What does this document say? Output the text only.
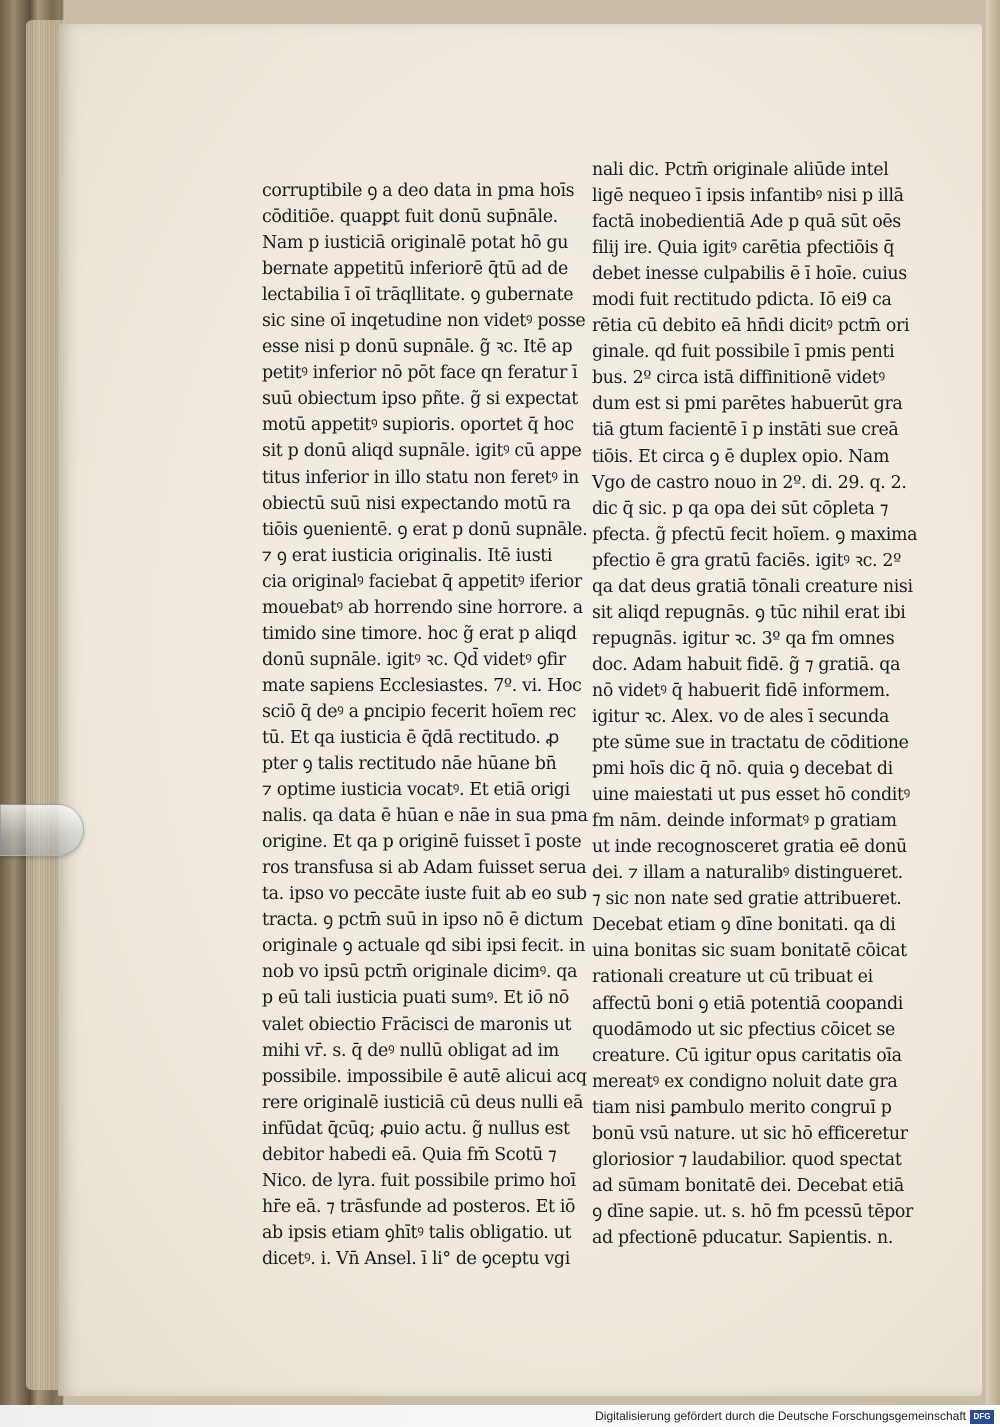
corruptibile ꝯ a deo data in pma hoīs
cōditiōe. quapꝑt fuit donū sup̄nāle.
Nam p iusticiā originalē potat hō gu
bernate appetitū inferiorē q̄tū ad de
lectabilia ī oī trāqllitate. ꝯ gubernate
sic sine oī inqetudine non videtꝰ posse
esse nisi p donū supnāle. g̃ ꝛc. Itē ap
petitꝰ inferior nō pōt face qn feratur ī
suū obiectum ipso pñte. g̃ si expectat
motū appetitꝰ supioris. oportet q̄ hoc
sit p donū aliqd supnāle. igitꝰ cū appe
titus inferior in illo statu non feretꝰ in
obiectū suū nisi expectando motū ra
tiōis ꝯuenientē. ꝯ erat p donū supnāle.
⁊ ꝯ erat iusticia originalis. Itē iusti
cia originalꝰ faciebat q̄ appetitꝰ iferior
mouebatꝰ ab horrendo sine horrore. a
timido sine timore. hoc g̃ erat p aliqd
donū supnāle. igitꝰ ꝛc. Qd̄ videtꝰ ꝯfir
mate sapiens Ecclesiastes. 7º. vi. Hoc
sciō q̄ deꝰ a ꝑncipio fecerit hoīem rec
tū. Et qa iusticia ē q̄dā rectitudo. ꝓ
pter ꝯ talis rectitudo nāe hūane bn̄
⁊ optime iusticia vocatꝰ. Et etiā origi
nalis. qa data ē hūan e nāe in sua pma
origine. Et qa p originē fuisset ī poste
ros transfusa si ab Adam fuisset serua
ta. ipso vo peccāte iuste fuit ab eo sub
tracta. ꝯ pctm̄ suū in ipso nō ē dictum
originale ꝯ actuale qd sibi ipsi fecit. in
nob vo ipsū pctm̄ originale dicimꝰ. qa
p eū tali iusticia puati sumꝰ. Et iō nō
valet obiectio Frācisci de maronis ut
mihi vr̄. s. q̄ deꝰ nullū obligat ad im
possibile. impossibile ē autē alicui acq
rere originalē iusticiā cū deus nulli eā
infūdat q̄cūq; ꝓuio actu. g̃ nullus est
debitor habedi eā. Quia fm̄ Scotū ⁊
Nico. de lyra. fuit possibile primo hoī
hr̄e eā. ⁊ trāsfunde ad posteros. Et iō
ab ipsis etiam ꝯhītꝰ talis obligatio. ut
dicetꝰ. i. Vn̄ Ansel. ī li° de ꝯceptu vgi
nali dic. Pctm̄ originale aliūde intel
ligē nequeo ī ipsis infantibꝰ nisi p illā
factā inobedientiā Ade p quā sūt oēs
filij ire. Quia igitꝰ carētia pfectiōis q̄
debet inesse culpabilis ē ī hoīe. cuius
modi fuit rectitudo pdicta. Iō ei9 ca
rētia cū debito eā hn̄di dicitꝰ pctm̄ ori
ginale. qd fuit possibile ī pmis penti
bus. 2º circa istā diffinitionē videtꝰ
dum est si pmi parētes habuerūt gra
tiā gtum facientē ī p instāti sue creā
tiōis. Et circa ꝯ ē duplex opio. Nam
Vgo de castro nouo in 2º. di. 29. q. 2.
dic q̄ sic. p qa opa dei sūt cōpleta ⁊
pfecta. g̃ pfectū fecit hoīem. ꝯ maxima
pfectio ē gra gratū faciēs. igitꝰ ꝛc. 2º
qa dat deus gratiā tōnali creature nisi
sit aliqd repugnās. ꝯ tūc nihil erat ibi
repugnās. igitur ꝛc. 3º qa fm omnes
doc. Adam habuit fidē. g̃ ⁊ gratiā. qa
nō videtꝰ q̄ habuerit fidē informem.
igitur ꝛc. Alex. vo de ales ī secunda
pte sūme sue in tractatu de cōditione
pmi hoīs dic q̄ nō. quia ꝯ decebat di
uine maiestati ut pus esset hō conditꝰ
fm nām. deinde informatꝰ p gratiam
ut inde recognosceret gratia eē donū
dei. ⁊ illam a naturalibꝰ distingueret.
⁊ sic non nate sed gratie attribueret.
Decebat etiam ꝯ dīne bonitati. qa di
uina bonitas sic suam bonitatē cōicat
rationali creature ut cū tribuat ei
affectū boni ꝯ etiā potentiā coopandi
quodāmodo ut sic pfectius cōicet se
creature. Cū igitur opus caritatis oīa
mereatꝰ ex condigno noluit date gra
tiam nisi ꝑambulo merito congruī p
bonū vsū nature. ut sic hō efficeretur
gloriosior ⁊ laudabilior. quod spectat
ad sūmam bonitatē dei. Decebat etiā
ꝯ dīne sapie. ut. s. hō fm pcessū tēpor
ad pfectionē pducatur. Sapientis. n.
Digitalisierung gefördert durch die Deutsche Forschungsgemeinschaft DFG
